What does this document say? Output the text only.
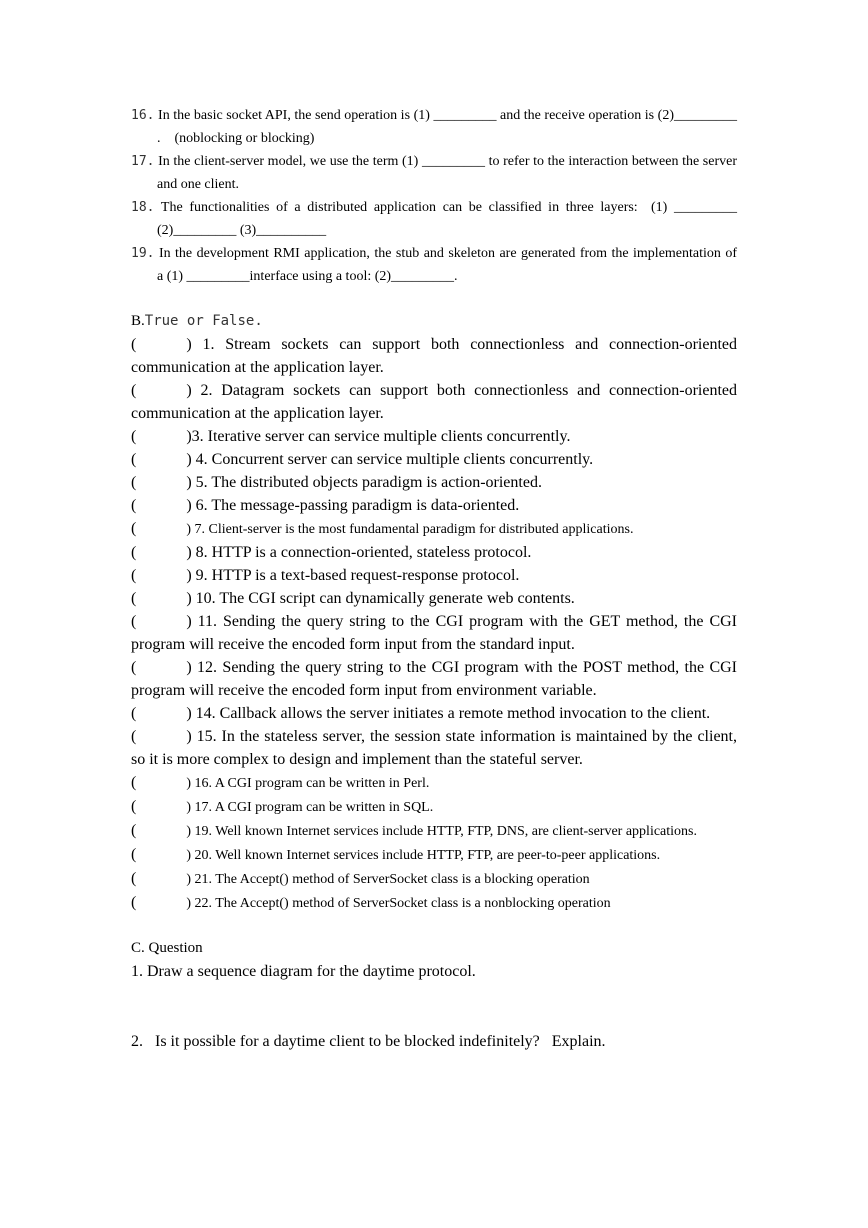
16. In the basic socket API, the send operation is (1) _________ and the receive operation is (2)_________ .    (noblocking or blocking)

17. In the client-server model, we use the term (1) _________ to refer to the interaction between the server and one client.

18. The functionalities of a distributed application can be classified in three layers:  (1) _________ (2)_________ (3)__________

19. In the development RMI application, the stub and skeleton are generated from the implementation of a (1) _________interface using a tool: (2)_________.

B.True or False.

(	) 1. Stream sockets can support both connectionless and connection-oriented communication at the application layer.

(	) 2. Datagram sockets can support both connectionless and connection-oriented communication at the application layer.

(	)3. Iterative server can service multiple clients concurrently.

(	) 4. Concurrent server can service multiple clients concurrently.

(	) 5. The distributed objects paradigm is action-oriented.

(	) 6. The message-passing paradigm is data-oriented.

(	) 7. Client-server is the most fundamental paradigm for distributed applications.

(	) 8. HTTP is a connection-oriented, stateless protocol.

(	) 9. HTTP is a text-based request-response protocol.

(	) 10. The CGI script can dynamically generate web contents.

(	) 11. Sending the query string to the CGI program with the GET method, the CGI program will receive the encoded form input from the standard input.

(	) 12. Sending the query string to the CGI program with the POST method, the CGI program will receive the encoded form input from environment variable.

(	) 14. Callback allows the server initiates a remote method invocation to the client.

(	) 15. In the stateless server, the session state information is maintained by the client, so it is more complex to design and implement than the stateful server.

(	) 16. A CGI program can be written in Perl.

(	) 17. A CGI program can be written in SQL.

(	) 19. Well known Internet services include HTTP, FTP, DNS, are client-server applications.

(	) 20. Well known Internet services include HTTP, FTP, are peer-to-peer applications.

(	) 21. The Accept() method of ServerSocket class is a blocking operation

(	) 22. The Accept() method of ServerSocket class is a nonblocking operation

C. Question
1. Draw a sequence diagram for the daytime protocol.
2.   Is it possible for a daytime client to be blocked indefinitely?   Explain.
